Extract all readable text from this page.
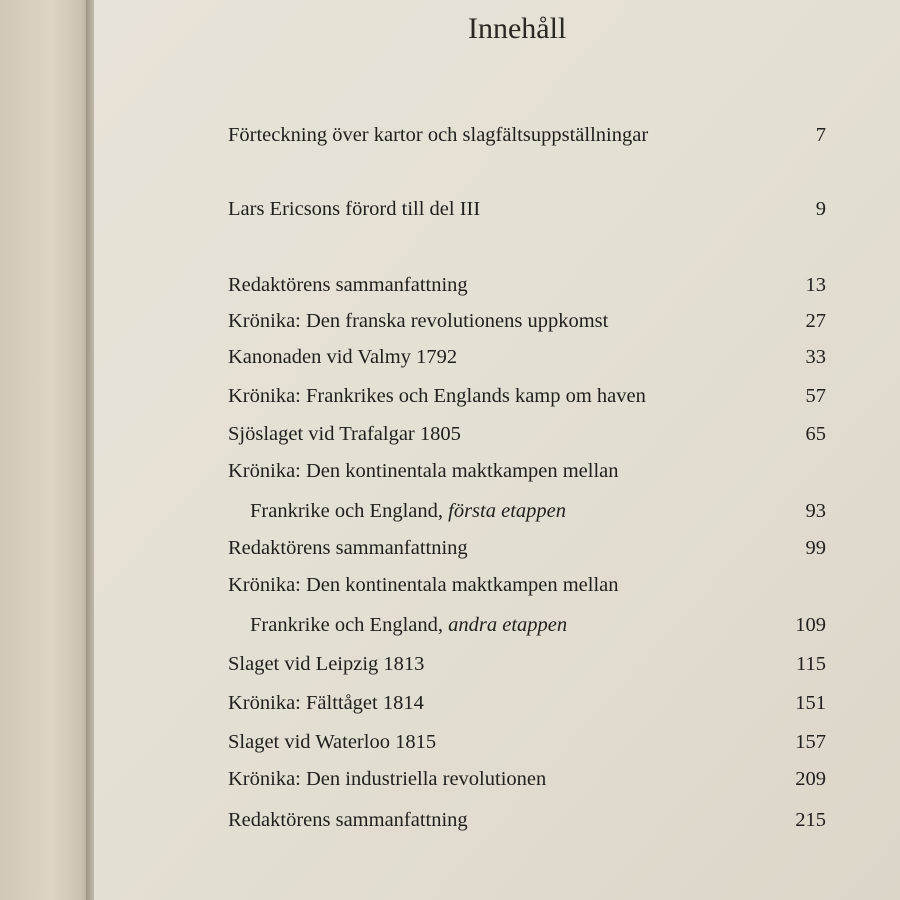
Innehåll
Förteckning över kartor och slagfältsuppställningar	7
Lars Ericsons förord till del III	9
Redaktörens sammanfattning	13
Krönika: Den franska revolutionens uppkomst	27
Kanonaden vid Valmy 1792	33
Krönika: Frankrikes och Englands kamp om haven	57
Sjöslaget vid Trafalgar 1805	65
Krönika: Den kontinentala maktkampen mellan
Frankrike och England, första etappen	93
Redaktörens sammanfattning	99
Krönika: Den kontinentala maktkampen mellan
Frankrike och England, andra etappen	109
Slaget vid Leipzig 1813	115
Krönika: Fälttåget 1814	151
Slaget vid Waterloo 1815	157
Krönika: Den industriella revolutionen	209
Redaktörens sammanfattning	215
